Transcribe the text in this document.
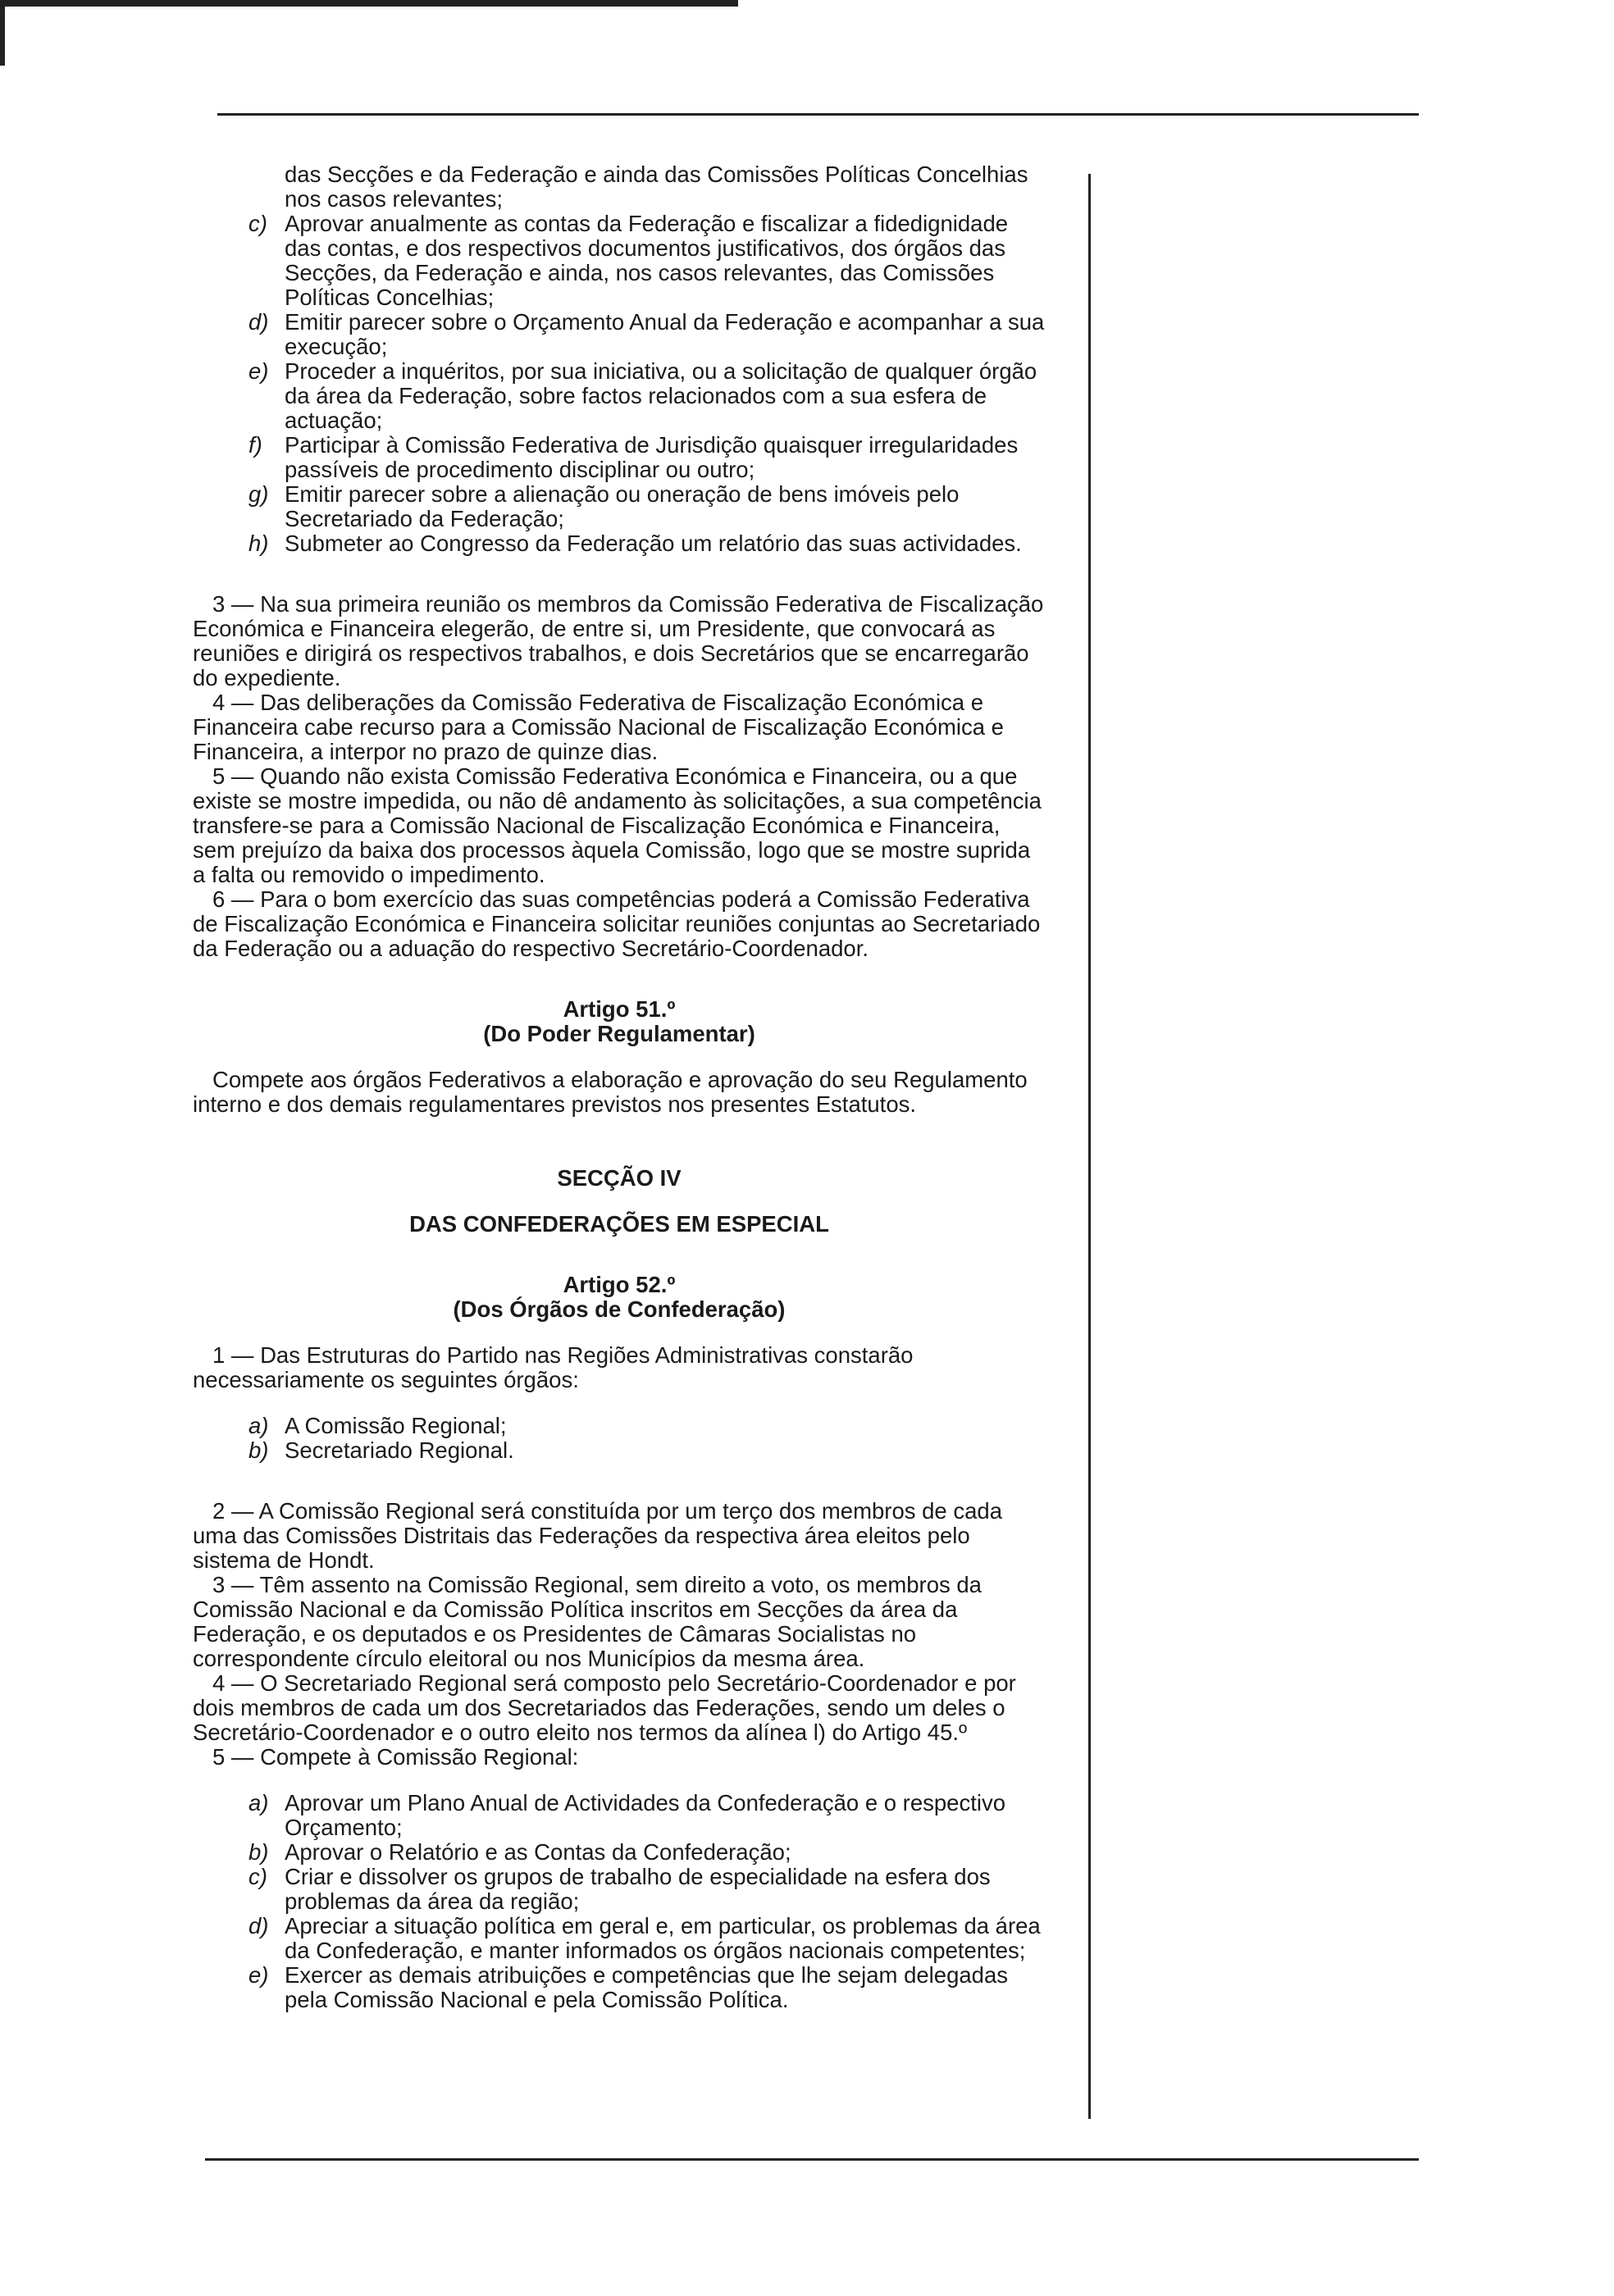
das Secções e da Federação e ainda das Comissões Políticas Concelhias nos casos relevantes;

c) Aprovar anualmente as contas da Federação e fiscalizar a fidedignidade das contas, e dos respectivos documentos justificativos, dos órgãos das Secções, da Federação e ainda, nos casos relevantes, das Comissões Políticas Concelhias;
d) Emitir parecer sobre o Orçamento Anual da Federação e acompanhar a sua execução;
e) Proceder a inquéritos, por sua iniciativa, ou a solicitação de qualquer órgão da área da Federação, sobre factos relacionados com a sua esfera de actuação;
f) Participar à Comissão Federativa de Jurisdição quaisquer irregularidades passíveis de procedimento disciplinar ou outro;
g) Emitir parecer sobre a alienação ou oneração de bens imóveis pelo Secretariado da Federação;
h) Submeter ao Congresso da Federação um relatório das suas actividades.

3 — Na sua primeira reunião os membros da Comissão Federativa de Fiscalização Económica e Financeira elegerão, de entre si, um Presidente, que convocará as reuniões e dirigirá os respectivos trabalhos, e dois Secretários que se encarregarão do expediente.

4 — Das deliberações da Comissão Federativa de Fiscalização Económica e Financeira cabe recurso para a Comissão Nacional de Fiscalização Económica e Financeira, a interpor no prazo de quinze dias.

5 — Quando não exista Comissão Federativa Económica e Financeira, ou a que existe se mostre impedida, ou não dê andamento às solicitações, a sua competência transfere-se para a Comissão Nacional de Fiscalização Económica e Financeira, sem prejuízo da baixa dos processos àquela Comissão, logo que se mostre suprida a falta ou removido o impedimento.

6 — Para o bom exercício das suas competências poderá a Comissão Federativa de Fiscalização Económica e Financeira solicitar reuniões conjuntas ao Secretariado da Federação ou a aduação do respectivo Secretário-Coordenador.

Artigo 51.º

(Do Poder Regulamentar)

Compete aos órgãos Federativos a elaboração e aprovação do seu Regulamento interno e dos demais regulamentares previstos nos presentes Estatutos.

SECÇÃO IV

DAS CONFEDERAÇÕES EM ESPECIAL

Artigo 52.º

(Dos Órgãos de Confederação)

1 — Das Estruturas do Partido nas Regiões Administrativas constarão necessariamente os seguintes órgãos:

a) A Comissão Regional;
b) Secretariado Regional.

2 — A Comissão Regional será constituída por um terço dos membros de cada uma das Comissões Distritais das Federações da respectiva área eleitos pelo sistema de Hondt.

3 — Têm assento na Comissão Regional, sem direito a voto, os membros da Comissão Nacional e da Comissão Política inscritos em Secções da área da Federação, e os deputados e os Presidentes de Câmaras Socialistas no correspondente círculo eleitoral ou nos Municípios da mesma área.

4 — O Secretariado Regional será composto pelo Secretário-Coordenador e por dois membros de cada um dos Secretariados das Federações, sendo um deles o Secretário-Coordenador e o outro eleito nos termos da alínea l) do Artigo 45.º

5 — Compete à Comissão Regional:

a) Aprovar um Plano Anual de Actividades da Confederação e o respectivo Orçamento;
b) Aprovar o Relatório e as Contas da Confederação;
c) Criar e dissolver os grupos de trabalho de especialidade na esfera dos problemas da área da região;
d) Apreciar a situação política em geral e, em particular, os problemas da área da Confederação, e manter informados os órgãos nacionais competentes;
e) Exercer as demais atribuições e competências que lhe sejam delegadas pela Comissão Nacional e pela Comissão Política.
